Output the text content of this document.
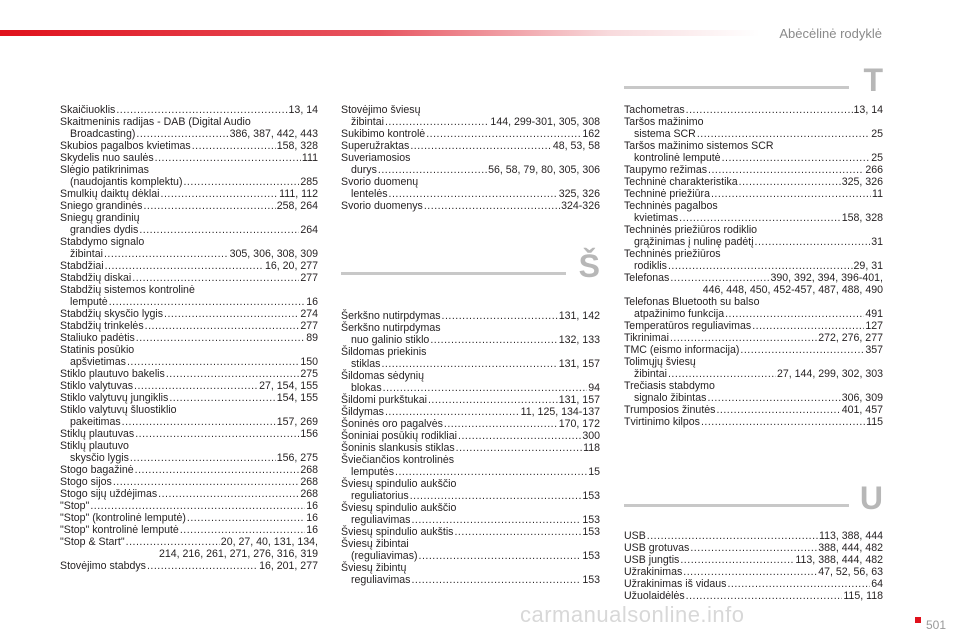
Abėcėlinė rodyklė
Skaičiuoklis .....	13, 14
Skaitmeninis radijas - DAB (Digital Audio
Broadcasting) .....	386, 387, 442, 443
Skubios pagalbos kvietimas .....	158, 328
Skydelis nuo saulės .....	111
Slėgio patikrinimas
(naudojantis komplektu) .....	285
Smulkių daiktų dėklai .....	111, 112
Sniego grandinės .....	258, 264
Sniegų grandinių
grandies dydis .....	264
Stabdymo signalo
žibintai .....	305, 306, 308, 309
Stabdžiai .....	16, 20, 277
Stabdžių diskai .....	277
Stabdžių sistemos kontrolinė
lemputė .....	16
Stabdžių skysčio lygis .....	274
Stabdžių trinkelės .....	277
Staliuko padėtis .....	89
Statinis posūkio
apšvietimas .....	150
Stiklo plautuvo bakelis .....	275
Stiklo valytuvas .....	27, 154, 155
Stiklo valytuvų jungiklis .....	154, 155
Stiklo valytuvų šluostiklio
pakeitimas .....	157, 269
Stiklų plautuvas .....	156
Stiklų plautuvo
skysčio lygis .....	156, 275
Stogo bagažinė .....	268
Stogo sijos .....	268
Stogo sijų uždėjimas .....	268
"Stop" .....	16
"Stop" (kontrolinė lemputė) .....	16
"Stop" kontrolinė lemputė .....	16
"Stop & Start" .....	20, 27, 40, 131, 134,
214, 216, 261, 271, 276, 316, 319
Stovėjimo stabdys .....	16, 201, 277
Stovėjimo šviesų
žibintai .....	144, 299-301, 305, 308
Sukibimo kontrolė .....	162
Superužraktas .....	48, 53, 58
Suveriamosios
durys .....	56, 58, 79, 80, 305, 306
Svorio duomenų
lentelės .....	325, 326
Svorio duomenys .....	324-326
Š
Šerkšno nutirpdymas .....	131, 142
Šerkšno nutirpdymas
nuo galinio stiklo .....	132, 133
Šildomas priekinis
stiklas .....	131, 157
Šildomas sėdynių
blokas .....	94
Šildomi purkštukai .....	131, 157
Šildymas .....	11, 125, 134-137
Šoninės oro pagalvės .....	170, 172
Šoniniai posūkių rodikliai .....	300
Šoninis slankusis stiklas .....	118
Šviečiančios kontrolinės
lemputės .....	15
Šviesų spindulio aukščio
reguliatorius .....	153
Šviesų spindulio aukščio
reguliavimas .....	153
Šviesų spindulio aukštis .....	153
Šviesų žibintai
(reguliavimas) .....	153
Šviesų žibintų
reguliavimas .....	153
T
Tachometras .....	13, 14
Taršos mažinimo
sistema SCR .....	25
Taršos mažinimo sistemos SCR
kontrolinė lemputė .....	25
Taupymo režimas .....	266
Techninė charakteristika .....	325, 326
Techninė priežiūra .....	11
Techninės pagalbos
kvietimas .....	158, 328
Techninės priežiūros rodiklio
grąžinimas į nulinę padėtį .....	31
Techninės priežiūros
rodiklis .....	29, 31
Telefonas .....	390, 392, 394, 396-401,
446, 448, 450, 452-457, 487, 488, 490
Telefonas Bluetooth su balso
atpažinimo funkcija .....	491
Temperatūros reguliavimas .....	127
Tikrinimai .....	272, 276, 277
TMC (eismo informacija) .....	357
Tolimųjų šviesų
žibintai .....	27, 144, 299, 302, 303
Trečiasis stabdymo
signalo žibintas .....	306, 309
Trumposios žinutės .....	401, 457
Tvirtinimo kilpos .....	115
U
USB .....	113, 388, 444
USB grotuvas .....	388, 444, 482
USB jungtis .....	113, 388, 444, 482
Užrakinimas .....	47, 52, 56, 63
Užrakinimas iš vidaus .....	64
Užuolaidėlės .....	115, 118
carmanualsonline.info	501
